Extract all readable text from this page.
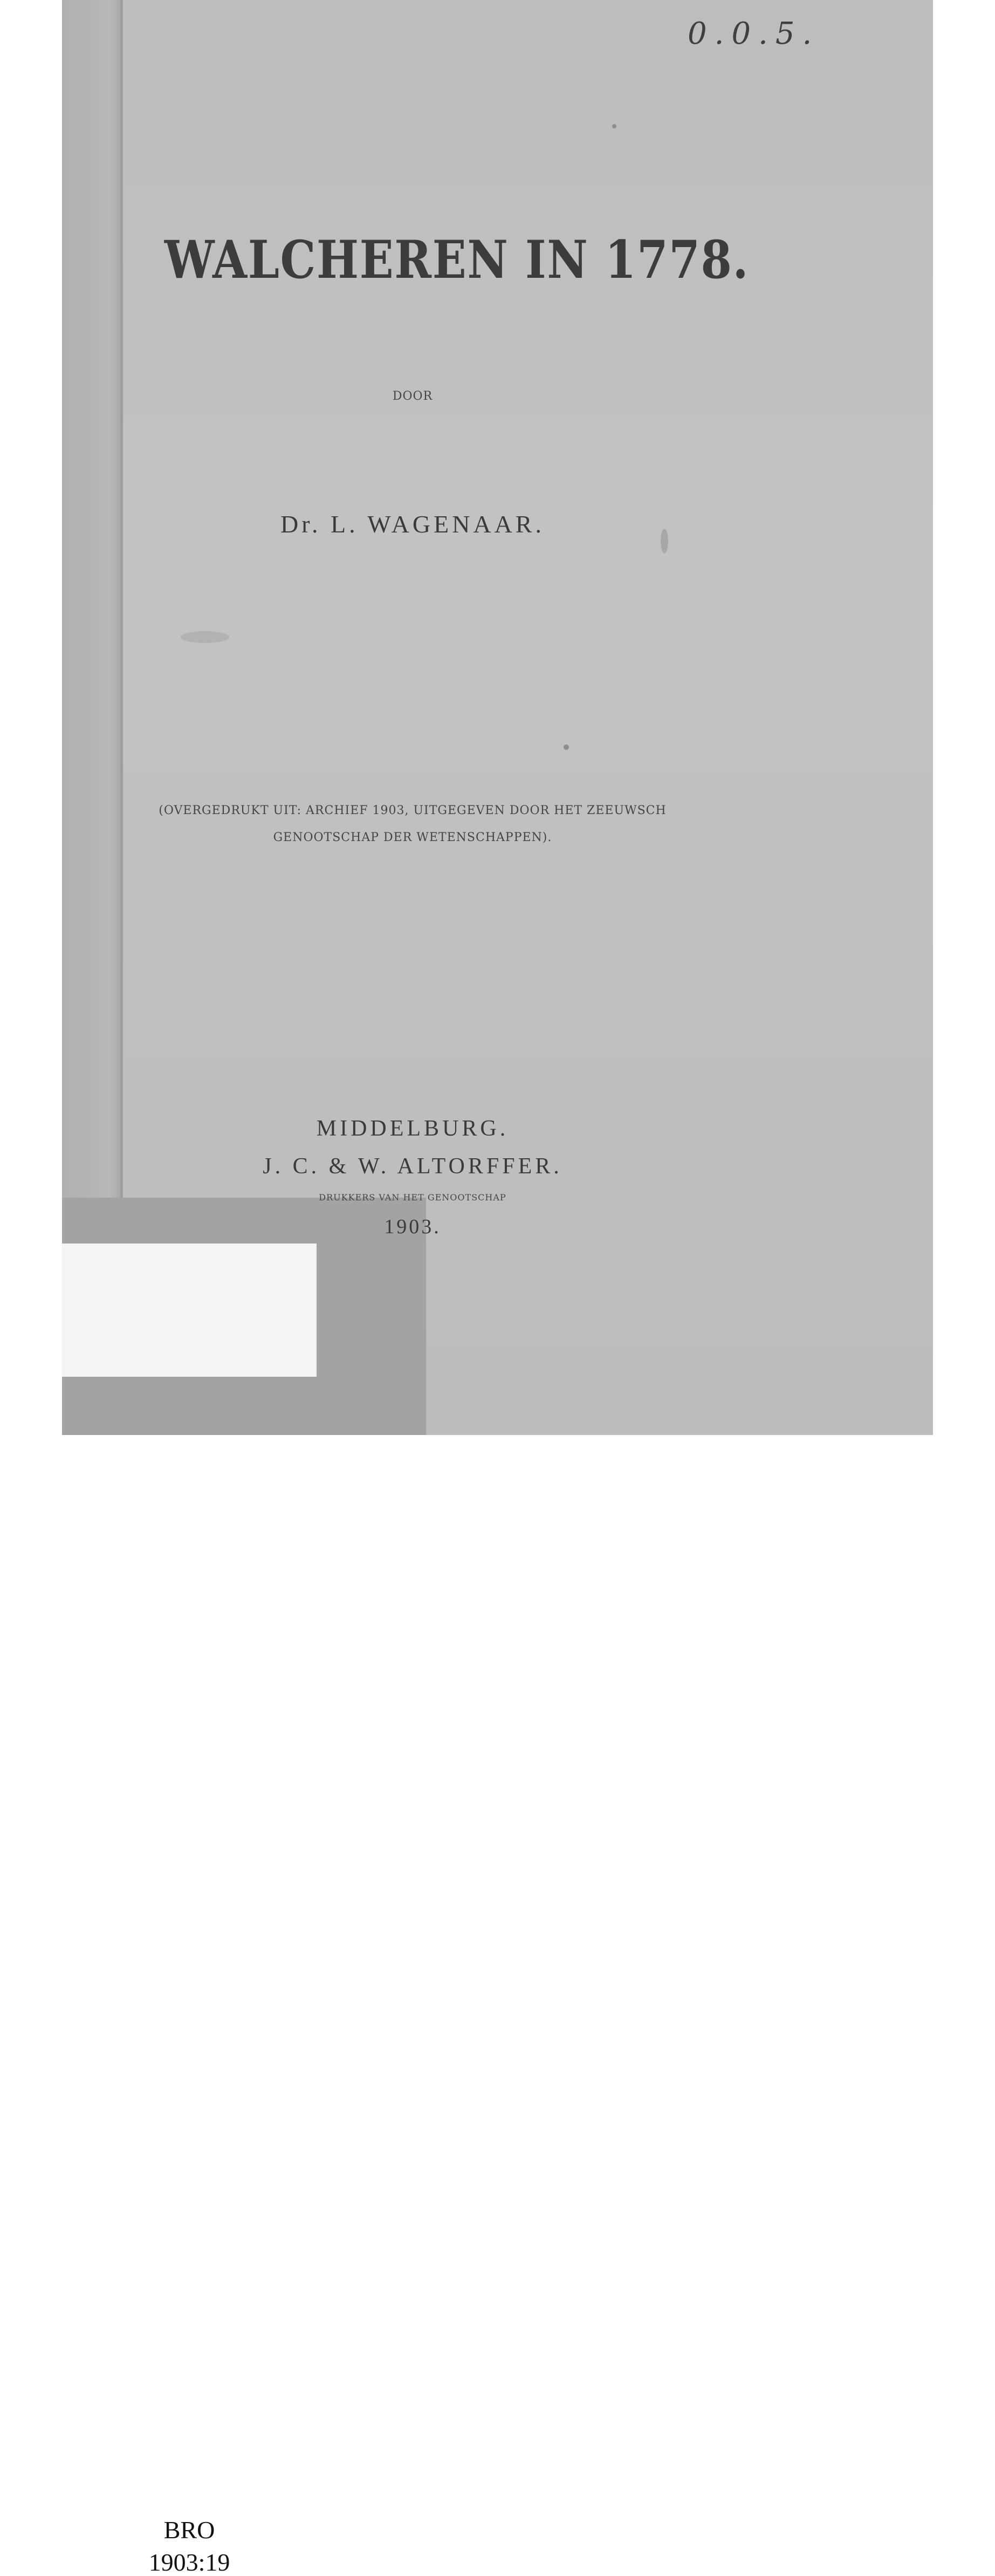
0.0.5.
WALCHEREN IN 1778.
DOOR
Dr. L. WAGENAAR.
(OVERGEDRUKT UIT: ARCHIEF 1903, UITGEGEVEN DOOR HET ZEEUWSCH
GENOOTSCHAP DER WETENSCHAPPEN).
BRO
1903:19
MIDDELBURG.
J. C. & W. ALTORFFER.
DRUKKERS VAN HET GENOOTSCHAP
1903.
